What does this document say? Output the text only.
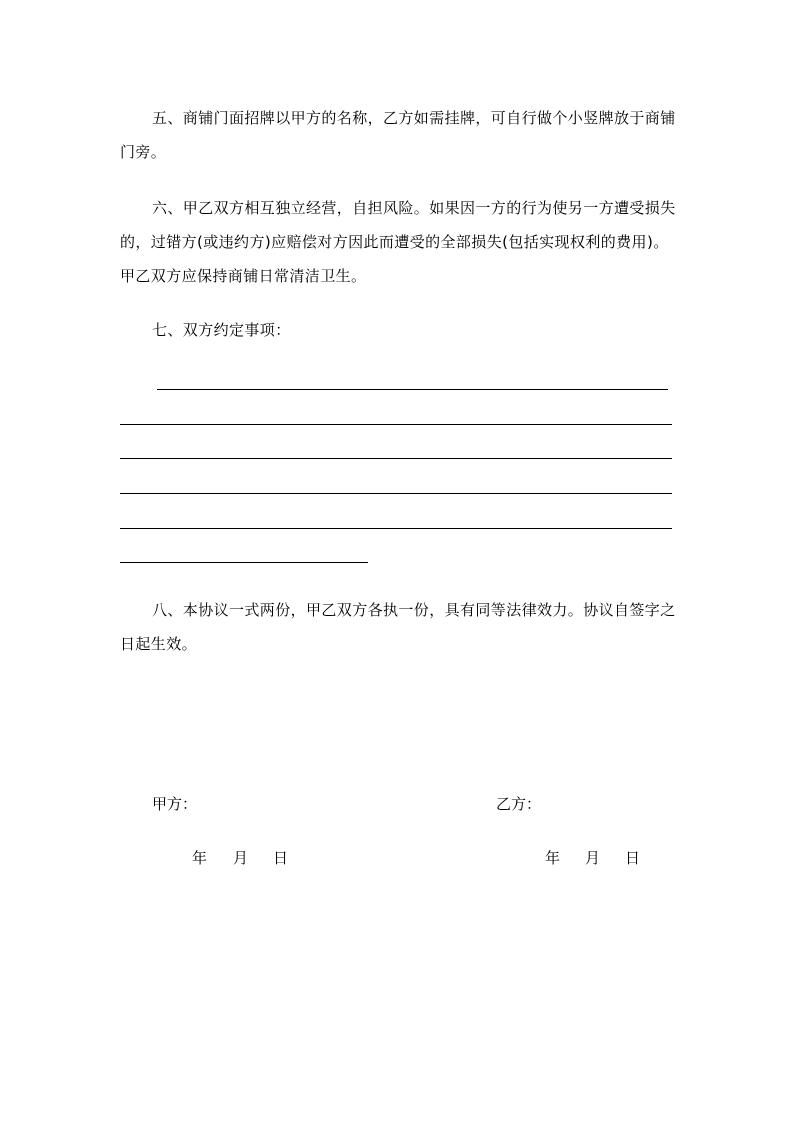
五、商铺门面招牌以甲方的名称，乙方如需挂牌，可自行做个小竖牌放于商铺门旁。

六、甲乙双方相互独立经营，自担风险。如果因一方的行为使另一方遭受损失的，过错方(或违约方)应赔偿对方因此而遭受的全部损失(包括实现权利的费用)。甲乙双方应保持商铺日常清洁卫生。

七、双方约定事项：

八、本协议一式两份，甲乙双方各执一份，具有同等法律效力。协议自签字之日起生效。

甲方：	乙方：
年 月 日	年 月 日
